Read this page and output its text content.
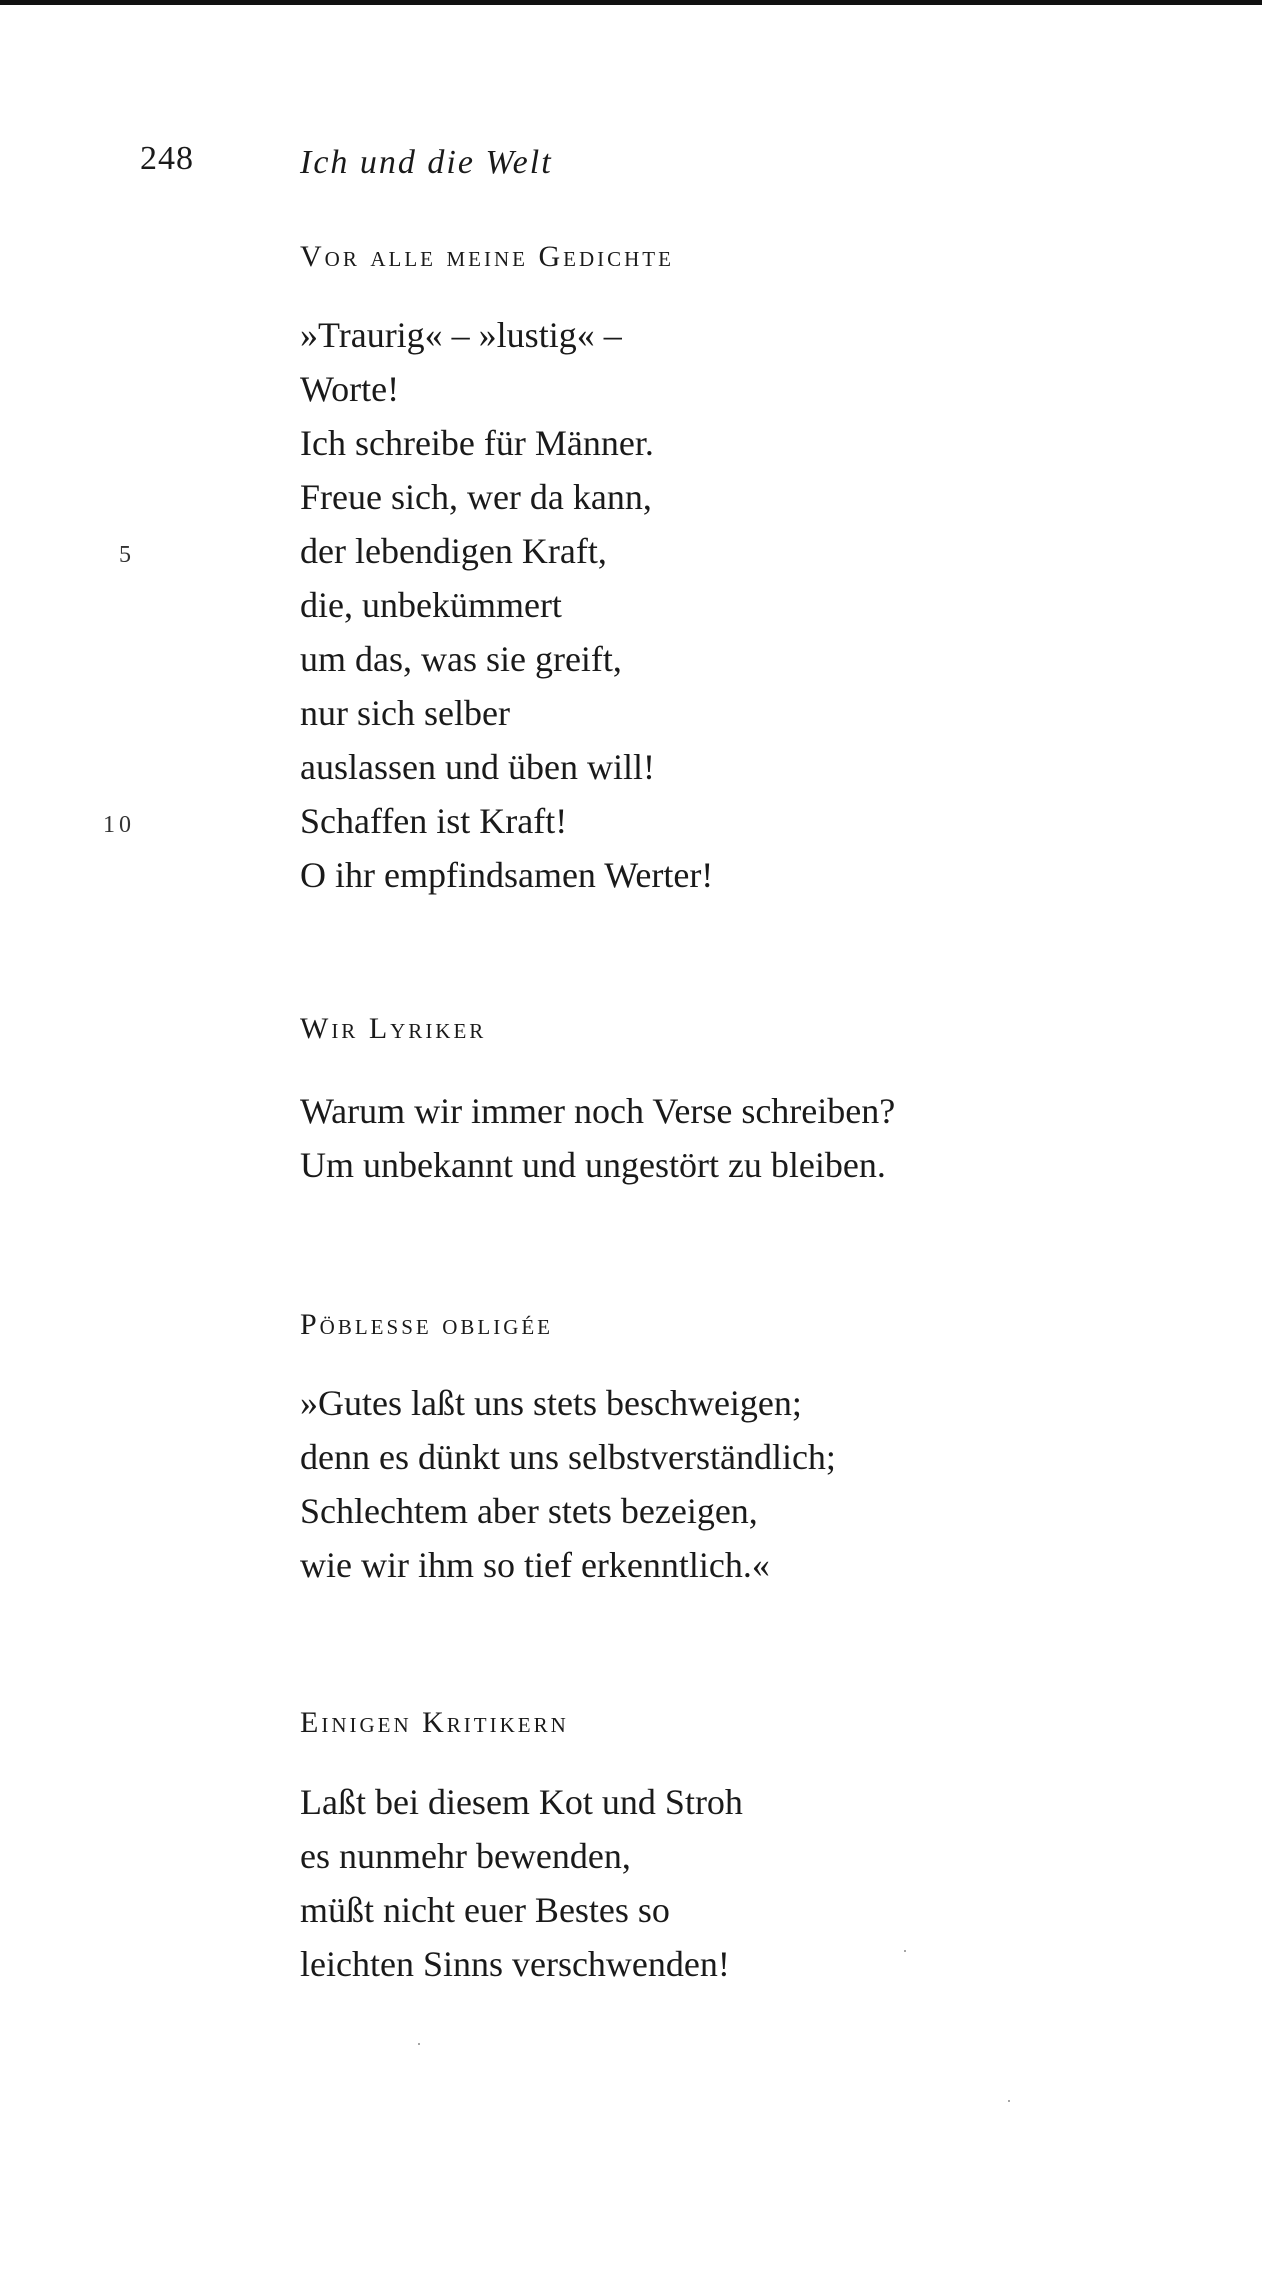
248	Ich und die Welt
Vor alle meine Gedichte
»Traurig« – »lustig« –
Worte!
Ich schreibe für Männer.
Freue sich, wer da kann,
5	der lebendigen Kraft,
die, unbekümmert
um das, was sie greift,
nur sich selber
auslassen und üben will!
10	Schaffen ist Kraft!
O ihr empfindsamen Werter!
Wir Lyriker
Warum wir immer noch Verse schreiben?
Um unbekannt und ungestört zu bleiben.
Pöblesse obligée
»Gutes laßt uns stets beschweigen;
denn es dünkt uns selbstverständlich;
Schlechtem aber stets bezeigen,
wie wir ihm so tief erkenntlich.«
Einigen Kritikern
Laßt bei diesem Kot und Stroh
es nunmehr bewenden,
müßt nicht euer Bestes so
leichten Sinns verschwenden!
